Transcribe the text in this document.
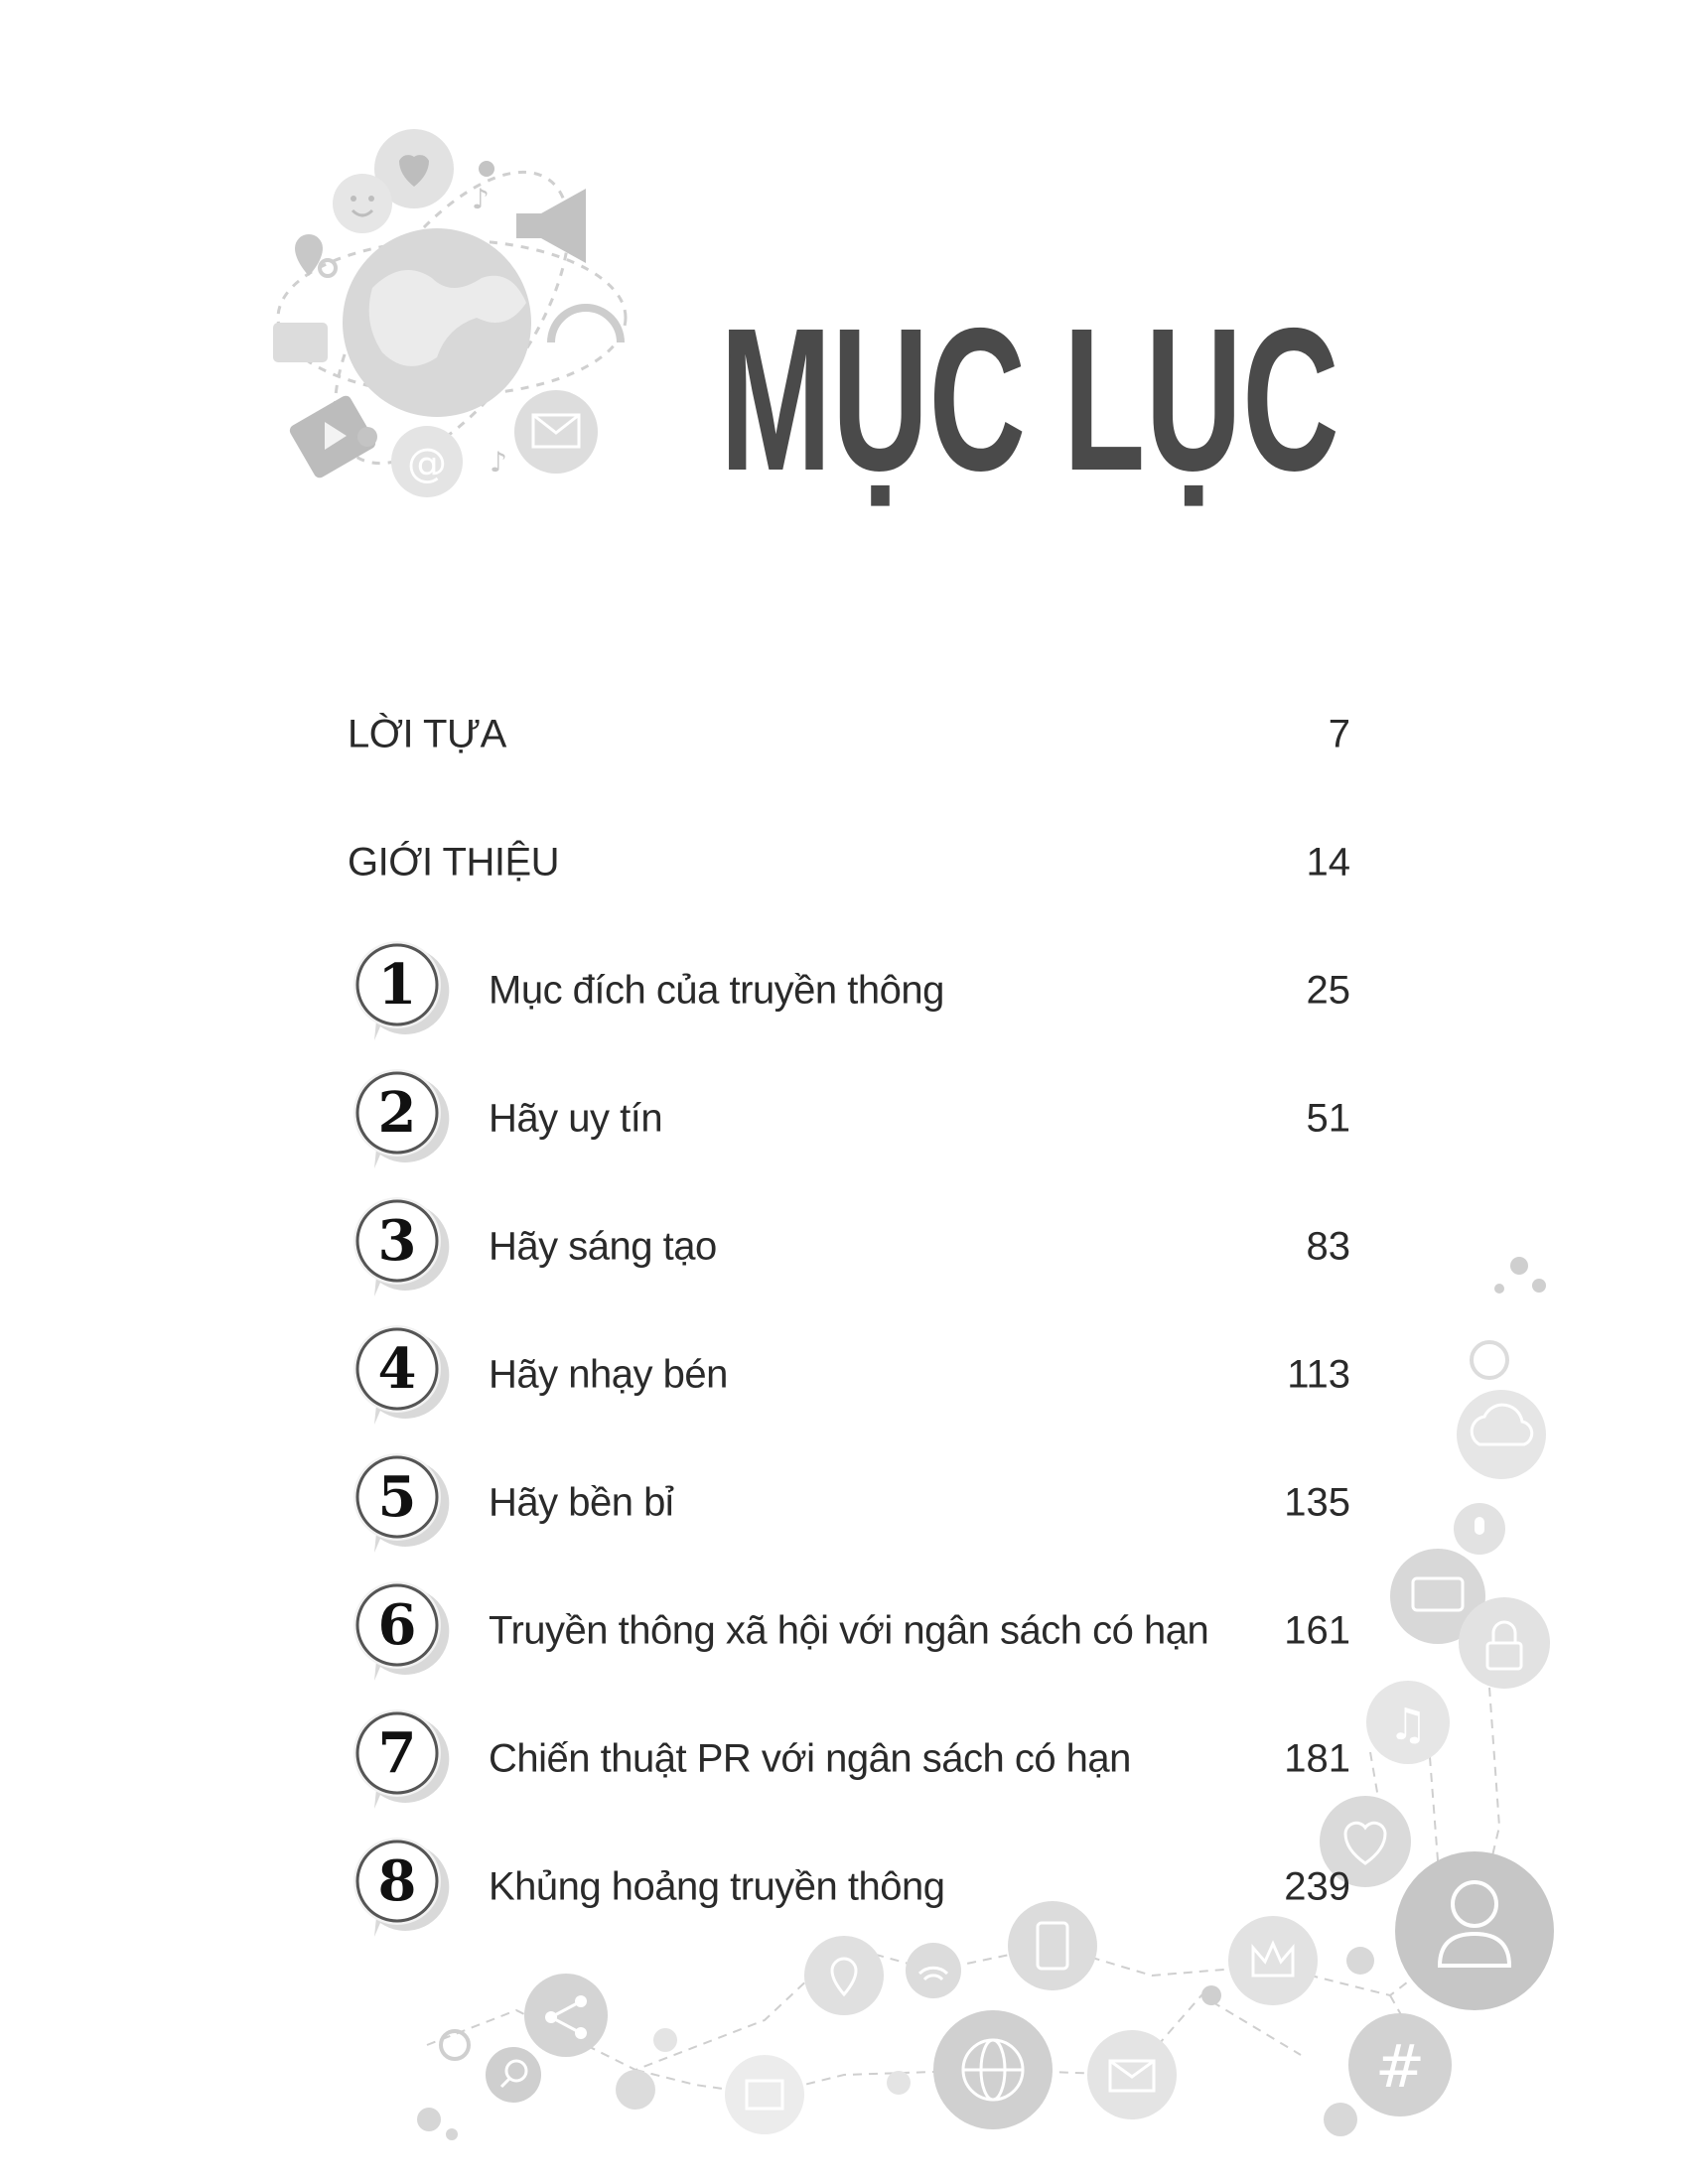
@
♪
♪ MỤC LỤC
#
♫
LỜI TỰA	7
GIỚI THIỆU	14
1	Mục đích của truyền thông	25
2	Hãy uy tín	51
3	Hãy sáng tạo	83
4	Hãy nhạy bén	113
5	Hãy bền bỉ	135
6	Truyền thông xã hội với ngân sách có hạn 161
7	Chiến thuật PR với ngân sách có hạn	181
8	Khủng hoảng truyền thông	239
